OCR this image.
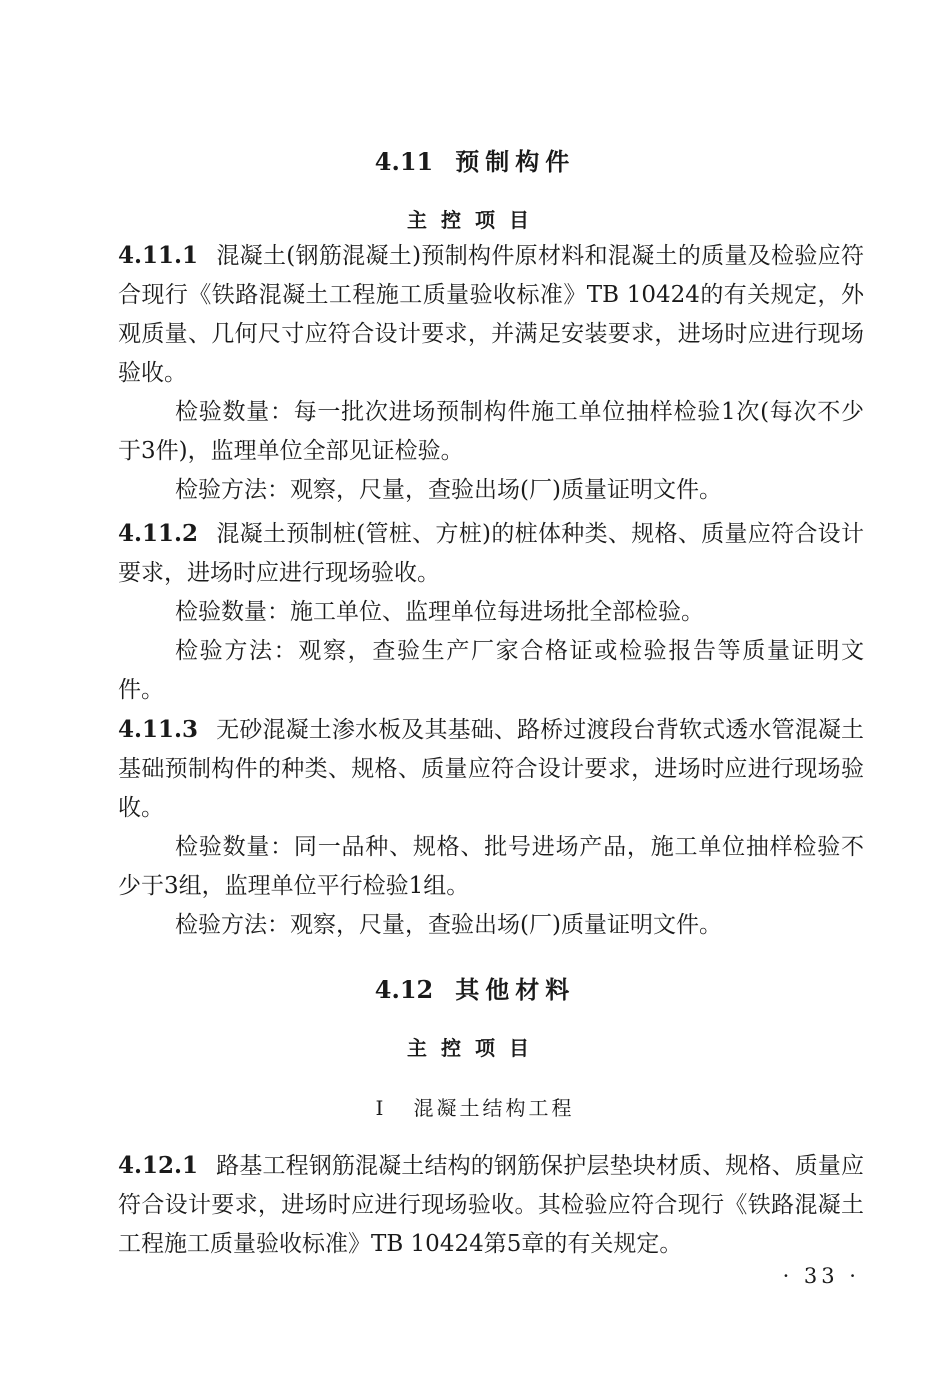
4.11 预制构件
主控项目

4.11.1 混凝土(钢筋混凝土)预制构件原材料和混凝土的质量及检验应符合现行《铁路混凝土工程施工质量验收标准》TB 10424的有关规定，外观质量、几何尺寸应符合设计要求，并满足安装要求，进场时应进行现场验收。

检验数量：每一批次进场预制构件施工单位抽样检验1次(每次不少于3件)，监理单位全部见证检验。

检验方法：观察，尺量，查验出场(厂)质量证明文件。

4.11.2 混凝土预制桩(管桩、方桩)的桩体种类、规格、质量应符合设计要求，进场时应进行现场验收。

检验数量：施工单位、监理单位每进场批全部检验。

检验方法：观察，查验生产厂家合格证或检验报告等质量证明文件。

4.11.3 无砂混凝土渗水板及其基础、路桥过渡段台背软式透水管混凝土基础预制构件的种类、规格、质量应符合设计要求，进场时应进行现场验收。

检验数量：同一品种、规格、批号进场产品，施工单位抽样检验不少于3组，监理单位平行检验1组。

检验方法：观察，尺量，查验出场(厂)质量证明文件。

4.12 其他材料
主控项目
Ⅰ 混凝土结构工程

4.12.1 路基工程钢筋混凝土结构的钢筋保护层垫块材质、规格、质量应符合设计要求，进场时应进行现场验收。其检验应符合现行《铁路混凝土工程施工质量验收标准》TB 10424第5章的有关规定。

· 33 ·
